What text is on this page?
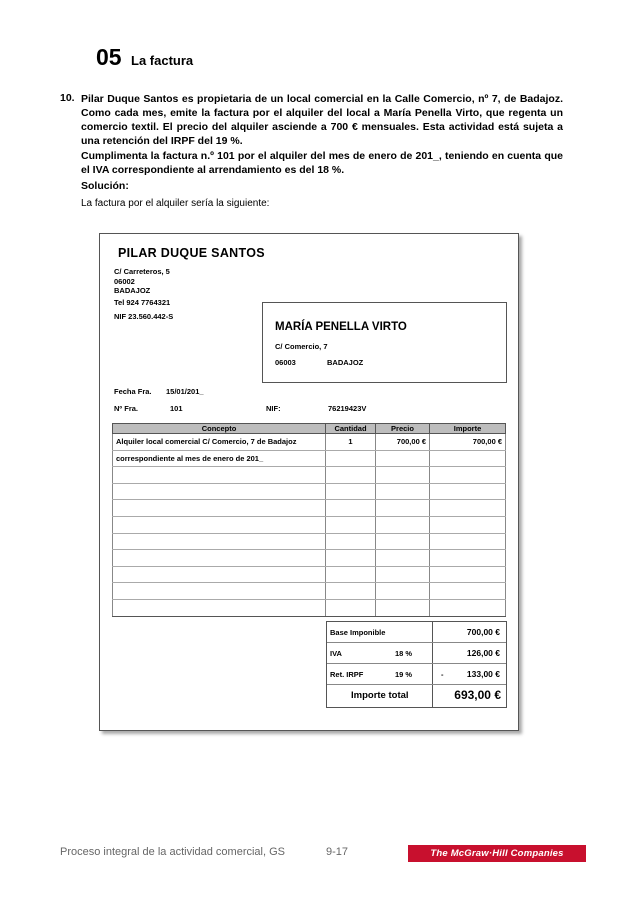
05 La factura
10. Pilar Duque Santos es propietaria de un local comercial en la Calle Comercio, nº 7, de Badajoz. Como cada mes, emite la factura por el alquiler del local a María Penella Virto, que regenta un comercio textil. El precio del alquiler asciende a 700 € mensuales. Esta actividad está sujeta a una retención del IRPF del 19 %.
Cumplimenta la factura n.º 101 por el alquiler del mes de enero de 201_, teniendo en cuenta que el IVA correspondiente al arrendamiento es del 18 %.
Solución:
La factura por el alquiler sería la siguiente:
PILAR DUQUE SANTOS
C/ Carreteros, 5
06002
BADAJOZ
Tel 924 7764321
NIF 23.560.442-S
MARÍA PENELLA VIRTO
C/ Comercio, 7
06003	BADAJOZ
Fecha Fra. 15/01/201_
Nº Fra.	101	NIF:	76219423V
Concepto	Cantidad	Precio	Importe
Alquiler local comercial C/ Comercio, 7 de Badajoz	1	700,00 €	700,00 €
correspondiente al mes de enero de 201_			

Base Imponible	700,00 €
IVA	18 %	126,00 €
Ret. IRPF	19 %	-	133,00 €
Importe total	693,00 €
Proceso integral de la actividad comercial, GS	9-17	The McGraw·Hill Companies
